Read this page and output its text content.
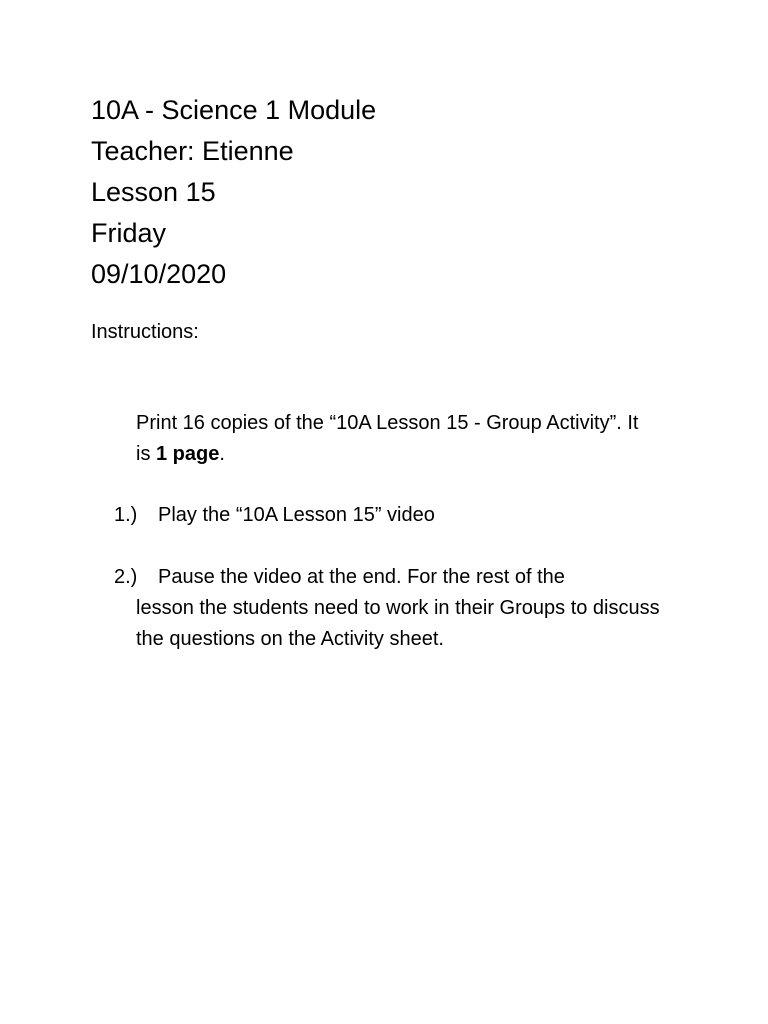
10A - Science 1 Module
Teacher: Etienne
Lesson 15
Friday
09/10/2020
Instructions:
Print 16 copies of the “10A Lesson 15 - Group Activity”. It is 1 page.
1.) Play the “10A Lesson 15” video
2.) Pause the video at the end. For the rest of the
lesson the students need to work in their Groups to discuss the questions on the Activity sheet.
